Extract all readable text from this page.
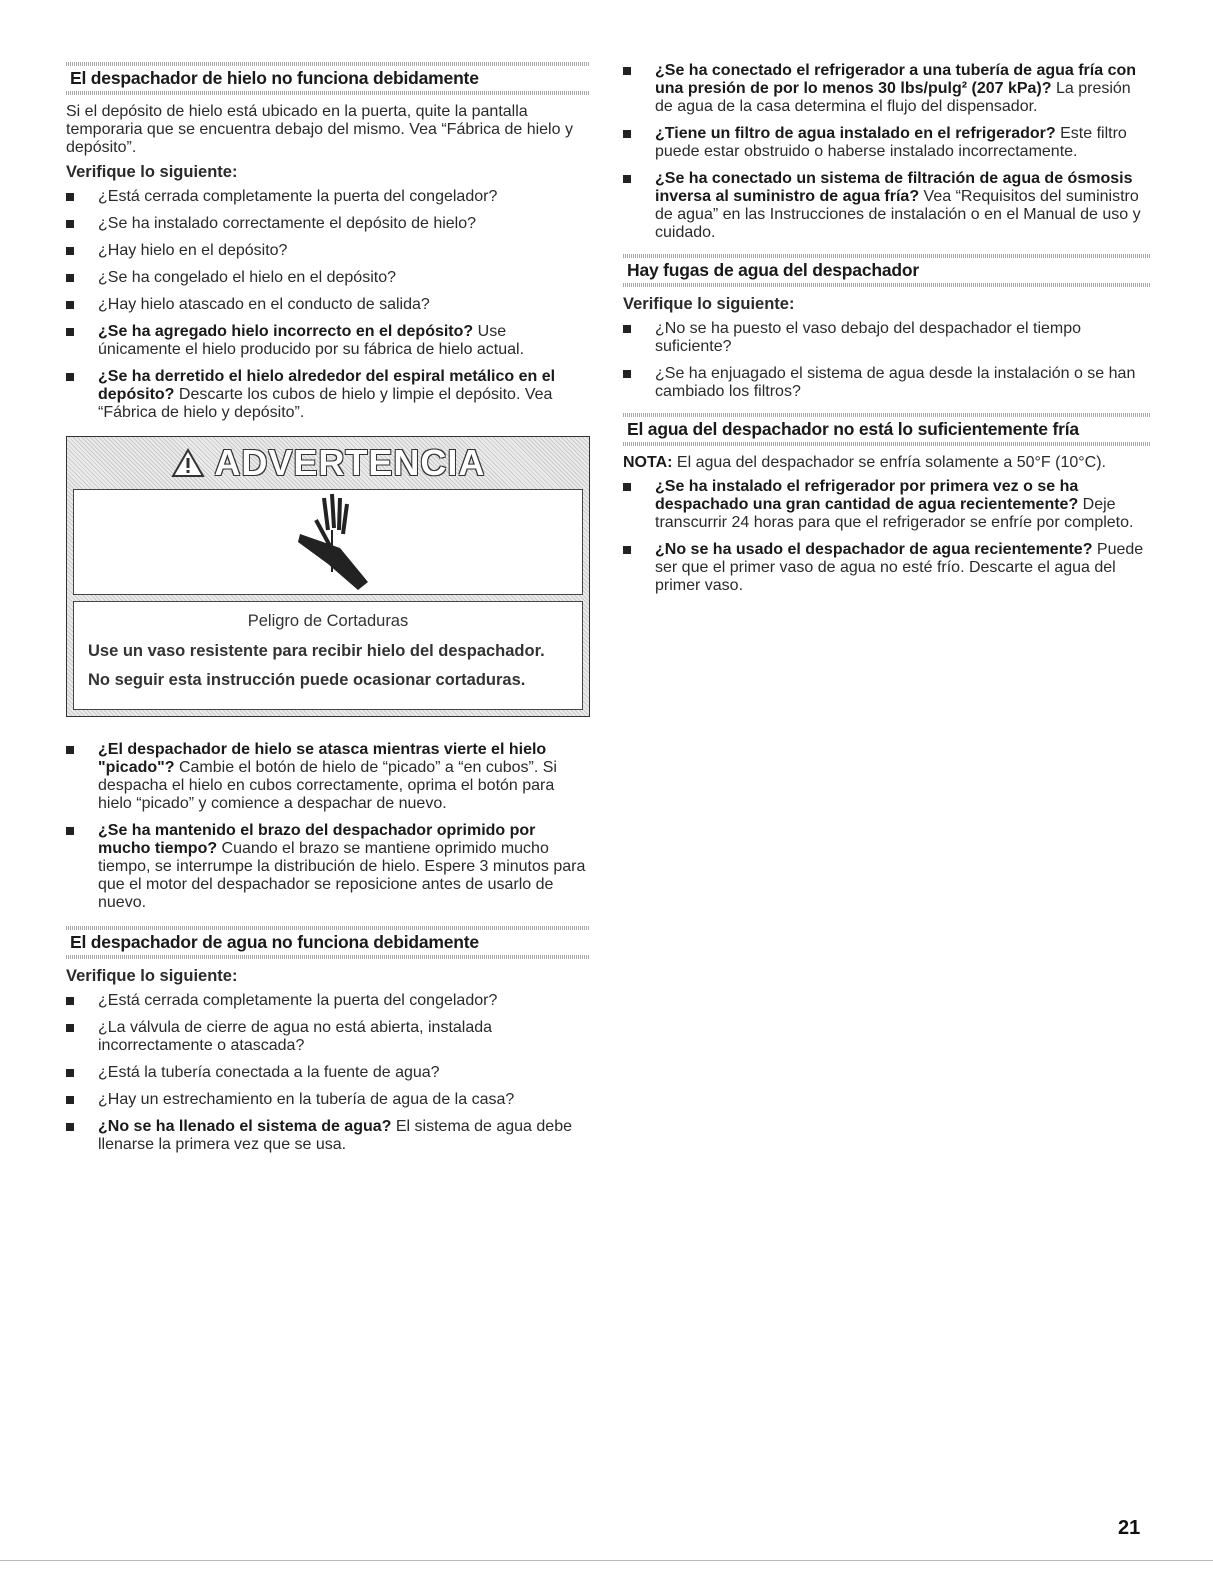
El despachador de hielo no funciona debidamente

Si el depósito de hielo está ubicado en la puerta, quite la pantalla temporaria que se encuentra debajo del mismo. Vea “Fábrica de hielo y depósito”.

Verifique lo siguiente:
¿Está cerrada completamente la puerta del congelador?
¿Se ha instalado correctamente el depósito de hielo?
¿Hay hielo en el depósito?
¿Se ha congelado el hielo en el depósito?
¿Hay hielo atascado en el conducto de salida?
¿Se ha agregado hielo incorrecto en el depósito? Use únicamente el hielo producido por su fábrica de hielo actual.
¿Se ha derretido el hielo alrededor del espiral metálico en el depósito? Descarte los cubos de hielo y limpie el depósito. Vea “Fábrica de hielo y depósito”.
ADVERTENCIA
Peligro de Cortaduras

Use un vaso resistente para recibir hielo del despachador.

No seguir esta instrucción puede ocasionar cortaduras.

¿El despachador de hielo se atasca mientras vierte el hielo "picado"? Cambie el botón de hielo de “picado” a “en cubos”. Si despacha el hielo en cubos correctamente, oprima el botón para hielo “picado” y comience a despachar de nuevo.
¿Se ha mantenido el brazo del despachador oprimido por mucho tiempo? Cuando el brazo se mantiene oprimido mucho tiempo, se interrumpe la distribución de hielo. Espere 3 minutos para que el motor del despachador se reposicione antes de usarlo de nuevo.
El despachador de agua no funciona debidamente
Verifique lo siguiente:
¿Está cerrada completamente la puerta del congelador?
¿La válvula de cierre de agua no está abierta, instalada incorrectamente o atascada?
¿Está la tubería conectada a la fuente de agua?
¿Hay un estrechamiento en la tubería de agua de la casa?
¿No se ha llenado el sistema de agua? El sistema de agua debe llenarse la primera vez que se usa.
¿Se ha conectado el refrigerador a una tubería de agua fría con una presión de por lo menos 30 lbs/pulg² (207 kPa)? La presión de agua de la casa determina el flujo del dispensador.
¿Tiene un filtro de agua instalado en el refrigerador? Este filtro puede estar obstruido o haberse instalado incorrectamente.
¿Se ha conectado un sistema de filtración de agua de ósmosis inversa al suministro de agua fría? Vea “Requisitos del suministro de agua” en las Instrucciones de instalación o en el Manual de uso y cuidado.
Hay fugas de agua del despachador
Verifique lo siguiente:
¿No se ha puesto el vaso debajo del despachador el tiempo suficiente?
¿Se ha enjuagado el sistema de agua desde la instalación o se han cambiado los filtros?
El agua del despachador no está lo suficientemente fría

NOTA: El agua del despachador se enfría solamente a 50°F (10°C).

¿Se ha instalado el refrigerador por primera vez o se ha despachado una gran cantidad de agua recientemente? Deje transcurrir 24 horas para que el refrigerador se enfríe por completo.
¿No se ha usado el despachador de agua recientemente? Puede ser que el primer vaso de agua no esté frío. Descarte el agua del primer vaso.
21
